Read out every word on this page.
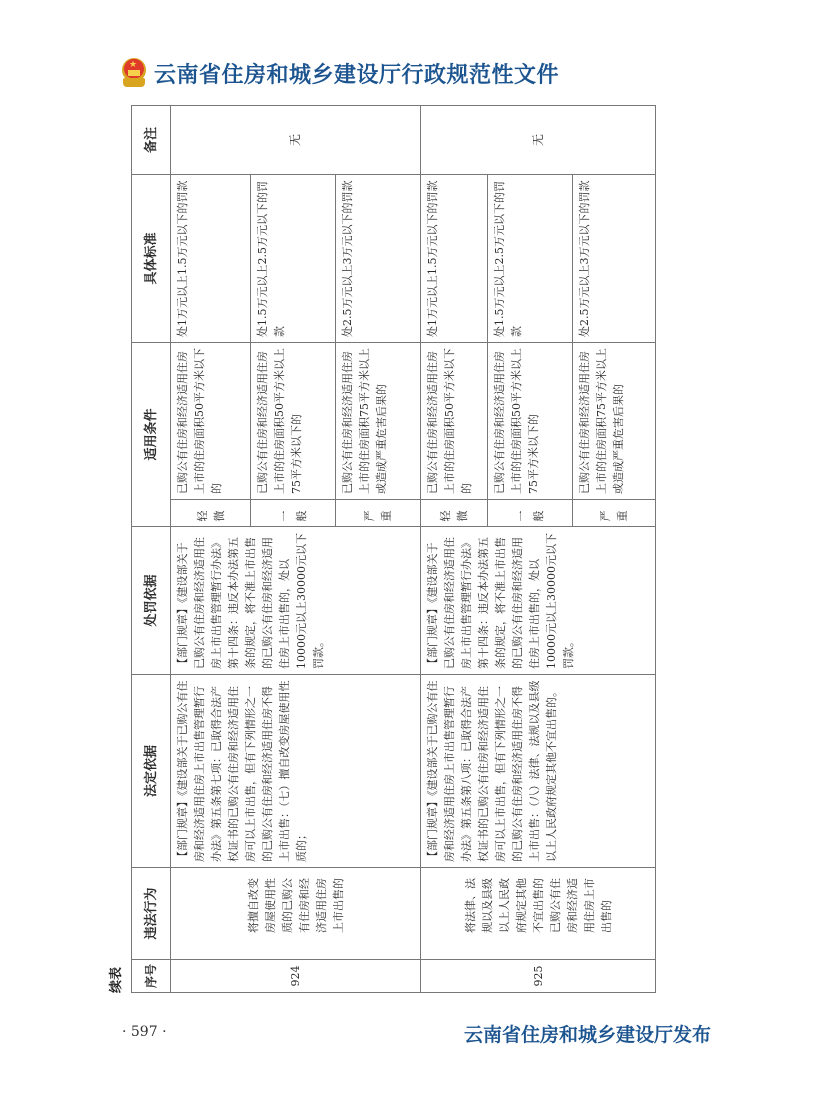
★ 云南省住房和城乡建设厅行政规范性文件
续表 序号	违法行为	法定依据	处罚依据	适用条件		具体标准	备注
924	将擅自改变房屋使用性质的已购公有住房和经济适用住房上市出售的	【部门规章】《建设部关于已购公有住房和经济适用住房上市出售管理暂行办法》第五条第七项：已取得合法产权证书的已购公有住房和经济适用住房可以上市出售，但有下列情形之一的已购公有住房和经济适用住房不得上市出售：（七）擅自改变房屋使用性质的；	【部门规章】《建设部关于已购公有住房和经济适用住房上市出售管理暂行办法》第十四条：违反本办法第五条的规定，将不准上市出售的已购公有住房和经济适用住房上市出售的，处以10000元以上30000元以下罚款。	轻微	已购公有住房和经济适用住房上市的住房面积50平方米以下的	处1万元以上1.5万元以下的罚款	无
				一般	已购公有住房和经济适用住房上市的住房面积50平方米以上75平方米以下的	处1.5万元以上2.5万元以下的罚款	
				严重	已购公有住房和经济适用住房上市的住房面积75平方米以上或造成严重危害后果的	处2.5万元以上3万元以下的罚款	
925	将法律、法规以及县级以上人民政府规定其他不宜出售的已购公有住房和经济适用住房上市出售的	【部门规章】《建设部关于已购公有住房和经济适用住房上市出售管理暂行办法》第五条第八项：已取得合法产权证书的已购公有住房和经济适用住房可以上市出售，但有下列情形之一的已购公有住房和经济适用住房不得上市出售：（八）法律、法规以及县级以上人民政府规定其他不宜出售的。	【部门规章】《建设部关于已购公有住房和经济适用住房上市出售管理暂行办法》第十四条：违反本办法第五条的规定，将不准上市出售的已购公有住房和经济适用住房上市出售的，处以10000元以上30000元以下罚款。	轻微	已购公有住房和经济适用住房上市的住房面积50平方米以下的	处1万元以上1.5万元以下的罚款	无
				一般	已购公有住房和经济适用住房上市的住房面积50平方米以上75平方米以下的	处1.5万元以上2.5万元以下的罚款	
				严重	已购公有住房和经济适用住房上市的住房面积75平方米以上或造成严重危害后果的	处2.5万元以上3万元以下的罚款	
· 597 ·	云南省住房和城乡建设厅发布
